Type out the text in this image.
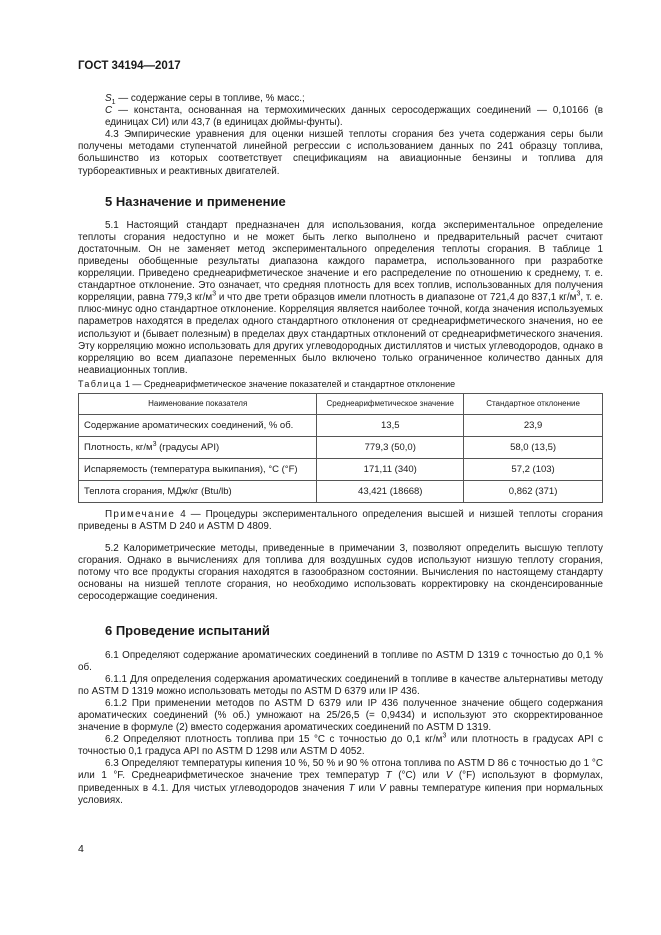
ГОСТ 34194—2017

$S_1$ — содержание серы в топливе, % масс.;

C — константа, основанная на термохимических данных серосодержащих соединений — 0,10166 (в единицах СИ) или 43,7 (в единицах дюймы-фунты).

4.3 Эмпирические уравнения для оценки низшей теплоты сгорания без учета содержания серы были получены методами ступенчатой линейной регрессии с использованием данных по 241 образцу топлива, большинство из которых соответствует спецификациям на авиационные бензины и топлива для турбореактивных и реактивных двигателей.

5 Назначение и применение

5.1 Настоящий стандарт предназначен для использования, когда экспериментальное определение теплоты сгорания недоступно и не может быть легко выполнено и предварительный расчет считают достаточным. Он не заменяет метод экспериментального определения теплоты сгорания. В таблице 1 приведены обобщенные результаты диапазона каждого параметра, использованного при разработке корреляции. Приведено среднеарифметическое значение и его распределение по отношению к среднему, т. е. стандартное отклонение. Это означает, что средняя плотность для всех топлив, использованных для получения корреляции, равна 779,3 $кг/м^3$ и что две трети образцов имели плотность в диапазоне от 721,4 до 837,1 $кг/м^3$, т. е. плюс-минус одно стандартное отклонение. Корреляция является наиболее точной, когда значения используемых параметров находятся в пределах одного стандартного отклонения от среднеарифметического значения, но ее используют и (бывает полезным) в пределах двух стандартных отклонений от среднеарифметического значения. Эту корреляцию можно использовать для других углеводородных дистиллятов и чистых углеводородов, однако в корреляцию во всем диапазоне переменных было включено только ограниченное количество данных для неавиационных топлив.

Таблица 1 — Среднеарифметическое значение показателей и стандартное отклонение
Наименование показателя	Среднеарифметическое значение	Стандартное отклонение
Содержание ароматических соединений, % об.	13,5	23,9
Плотность, $кг/м^3$ (градусы API)	779,3 (50,0)	58,0 (13,5)
Испаряемость (температура выкипания), °C (°F)	171,11 (340)	57,2 (103)
Теплота сгорания, МДж/кг (Btu/lb)	43,421 (18668)	0,862 (371)

Примечание 4 — Процедуры экспериментального определения высшей и низшей теплоты сгорания приведены в ASTM D 240 и ASTM D 4809.

5.2 Калориметрические методы, приведенные в примечании 3, позволяют определить высшую теплоту сгорания. Однако в вычислениях для топлива для воздушных судов используют низшую теплоту сгорания, потому что все продукты сгорания находятся в газообразном состоянии. Вычисления по настоящему стандарту основаны на низшей теплоте сгорания, но необходимо использовать корректировку на сконденсированные серосодержащие соединения.

6 Проведение испытаний

6.1 Определяют содержание ароматических соединений в топливе по ASTM D 1319 с точностью до 0,1 % об.

6.1.1 Для определения содержания ароматических соединений в топливе в качестве альтернативы методу по ASTM D 1319 можно использовать методы по ASTM D 6379 или IP 436.

6.1.2 При применении методов по ASTM D 6379 или IP 436 полученное значение общего содержания ароматических соединений (% об.) умножают на 25/26,5 (= 0,9434) и используют это скорректированное значение в формуле (2) вместо содержания ароматических соединений по ASTM D 1319.

6.2 Определяют плотность топлива при 15 °С с точностью до 0,1 $кг/м^3$ или плотность в градусах API с точностью 0,1 градуса API по ASTM D 1298 или ASTM D 4052.

6.3 Определяют температуры кипения 10 %, 50 % и 90 % отгона топлива по ASTM D 86 с точностью до 1 °С или 1 °F. Среднеарифметическое значение трех температур T (°С) или V (°F) используют в формулах, приведенных в 4.1. Для чистых углеводородов значения T или V равны температуре кипения при нормальных условиях.

4
